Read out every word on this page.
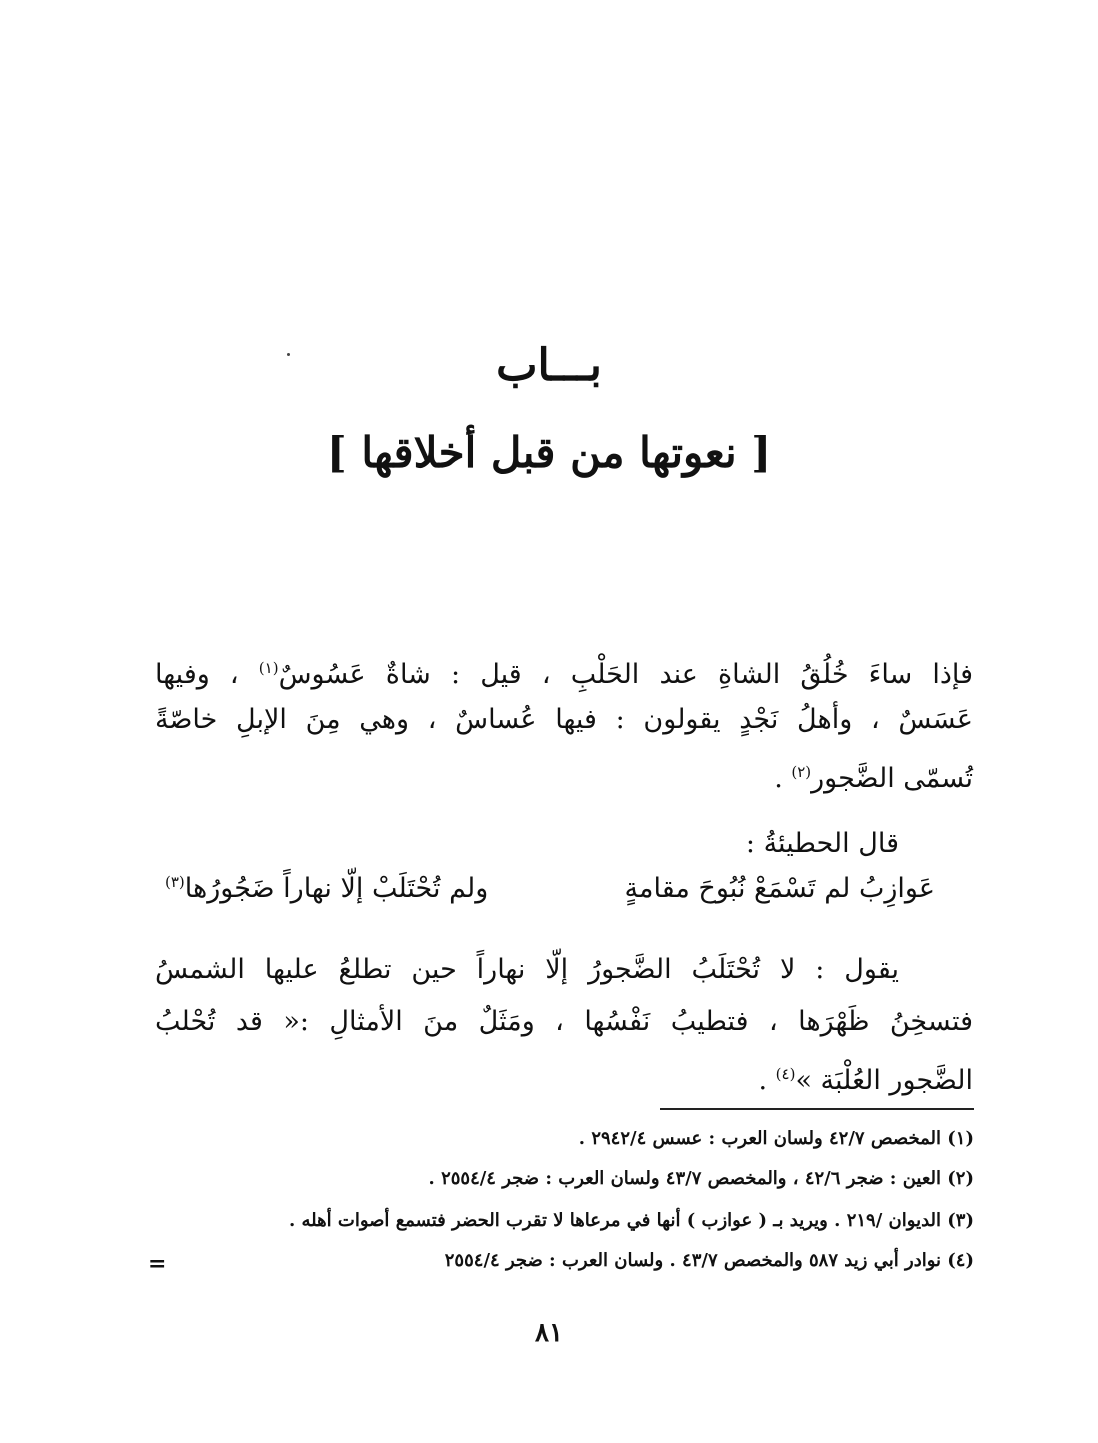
بـــاب
[ نعوتها من قبل أخلاقها ]
فإذا ساءَ خُلُقُ الشاةِ عند الحَلْبِ ، قيل : شاةٌ عَسُوسٌ$^{(١)}$ ، وفيها
عَسَسٌ ، وأهلُ نَجْدٍ يقولون : فيها عُساسٌ ، وهي مِنَ الإبلِ خاصّةً
تُسمّى الضَّجور$^{(٢)}$ .
قال الحطيئةُ :
عَوازِبُ لم تَسْمَعْ نُبُوحَ مقامةٍ
ولم تُحْتَلَبْ إلّا نهاراً ضَجُورُها$^{(٣)}$
يقول : لا تُحْتَلَبُ الضَّجورُ إلّا نهاراً حين تطلعُ عليها الشمسُ
فتسخِنُ ظَهْرَها ، فتطيبُ نَفْسُها ، ومَثَلٌ منَ الأمثالِ :« قد تُحْلبُ
الضَّجور العُلْبَة »$^{(٤)}$ .
(١) المخصص ٤٢/٧ ولسان العرب : عسس ٢٩٤٢/٤ .
(٢) العين : ضجر ٤٢/٦ ، والمخصص ٤٣/٧ ولسان العرب : ضجر ٢٥٥٤/٤ .
(٣) الديوان /٢١٩ . ويريد بـ ( عوازب ) أنها في مرعاها لا تقرب الحضر فتسمع أصوات أهله .
(٤) نوادر أبي زيد ٥٨٧ والمخصص ٤٣/٧ . ولسان العرب : ضجر ٢٥٥٤/٤
=
٨١
